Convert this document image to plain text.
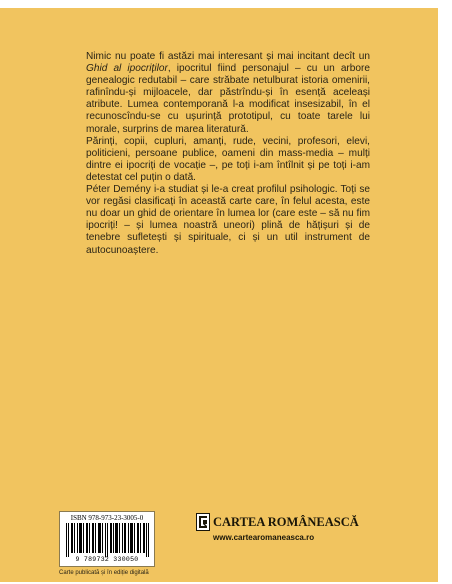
Nimic nu poate fi astăzi mai interesant și mai incitant decît un Ghid al ipocriților, ipocritul fiind personajul – cu un arbore genealogic redutabil – care străbate netulburat istoria omenirii, rafinîndu-și mijloacele, dar păstrîndu-și în esență aceleași atribute. Lumea contemporană l-a modificat insesizabil, în el recunoscîndu-se cu ușurință prototipul, cu toate tarele lui morale, surprins de marea literatură.

Părinți, copii, cupluri, amanți, rude, vecini, profesori, elevi, politicieni, persoane publice, oameni din mass-media – mulți dintre ei ipocriți de vocație –, pe toți i-am întîlnit și pe toți i-am detestat cel puțin o dată.

Péter Demény i-a studiat și le-a creat profilul psihologic. Toți se vor regăsi clasificați în această carte care, în felul acesta, este nu doar un ghid de orientare în lumea lor (care este – să nu fim ipocriți! – și lumea noastră uneori) plină de hățișuri și de tenebre sufletești și spirituale, ci și un util instrument de autocunoaștere.

ISBN 978-973-23-3005-0
9 789732 330050
Carte publicată și în ediție digitală
CARTEA ROMÂNEASCĂ
www.cartearomaneasca.ro
